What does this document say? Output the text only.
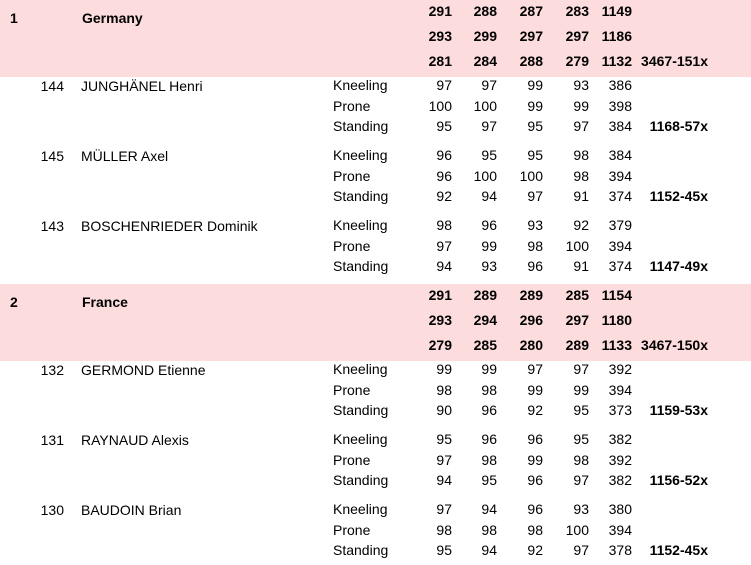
1	Germany	291 288 287 283 1149
293 299 297 297 1186
281 284 288 279 1132 3467-151x
144 JUNGHÄNEL Henri	Kneeling	97 97 99 93 386
Prone	100 100 99 99 398
Standing	95 97 95 97 384 1168-57x
145 MÜLLER Axel	Kneeling	96 95 95 98 384
Prone	96 100 100 98 394
Standing	92 94 97 91 374 1152-45x
143 BOSCHENRIEDER Dominik	Kneeling	98 96 93 92 379
Prone	97 99 98 100 394
Standing	94 93 96 91 374 1147-49x
2	France	291 289 289 285 1154
293 294 296 297 1180
279 285 280 289 1133 3467-150x
132 GERMOND Etienne	Kneeling	99 99 97 97 392
Prone	98 98 99 99 394
Standing	90 96 92 95 373 1159-53x
131 RAYNAUD Alexis	Kneeling	95 96 96 95 382
Prone	97 98 99 98 392
Standing	94 95 96 97 382 1156-52x
130 BAUDOIN Brian	Kneeling	97 94 96 93 380
Prone	98 98 98 100 394
Standing	95 94 92 97 378 1152-45x
